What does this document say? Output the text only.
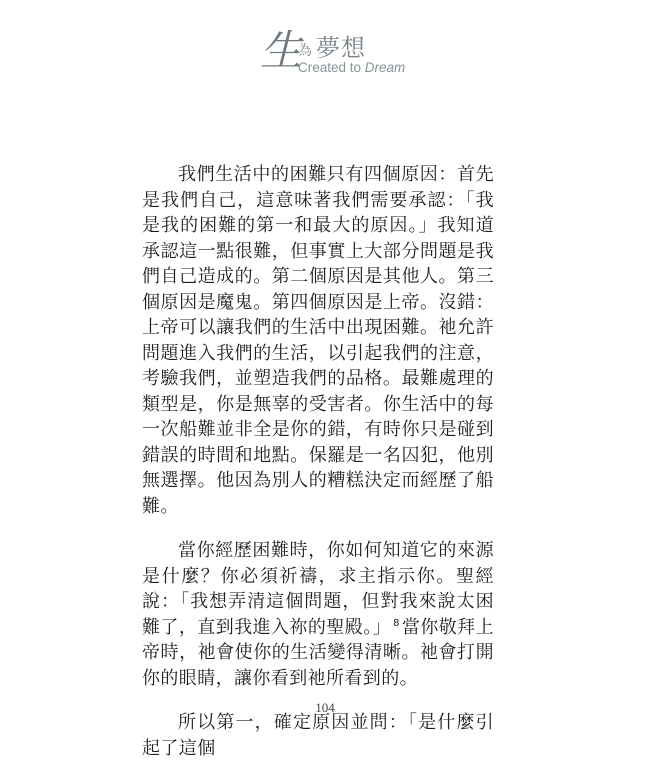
生
為 夢想
Created to Dream

我們生活中的困難只有四個原因：首先是我們自己，這意味著我們需要承認：「我是我的困難的第一和最大的原因。」我知道承認這一點很難，但事實上大部分問題是我們自己造成的。第二個原因是其他人。第三個原因是魔鬼。第四個原因是上帝。沒錯：上帝可以讓我們的生活中出現困難。祂允許問題進入我們的生活，以引起我們的注意，考驗我們，並塑造我們的品格。最難處理的類型是，你是無辜的受害者。你生活中的每一次船難並非全是你的錯，有時你只是碰到錯誤的時間和地點。保羅是一名囚犯，他別無選擇。他因為別人的糟糕決定而經歷了船難。

當你經歷困難時，你如何知道它的來源是什麼？你必須祈禱，求主指示你。聖經說：「我想弄清這個問題，但對我來說太困難了，直到我進入祢的聖殿。」 $^8$ 當你敬拜上帝時，祂會使你的生活變得清晰。祂會打開你的眼睛，讓你看到祂所看到的。

所以第一，確定原因並問：「是什麼引起了這個

104
